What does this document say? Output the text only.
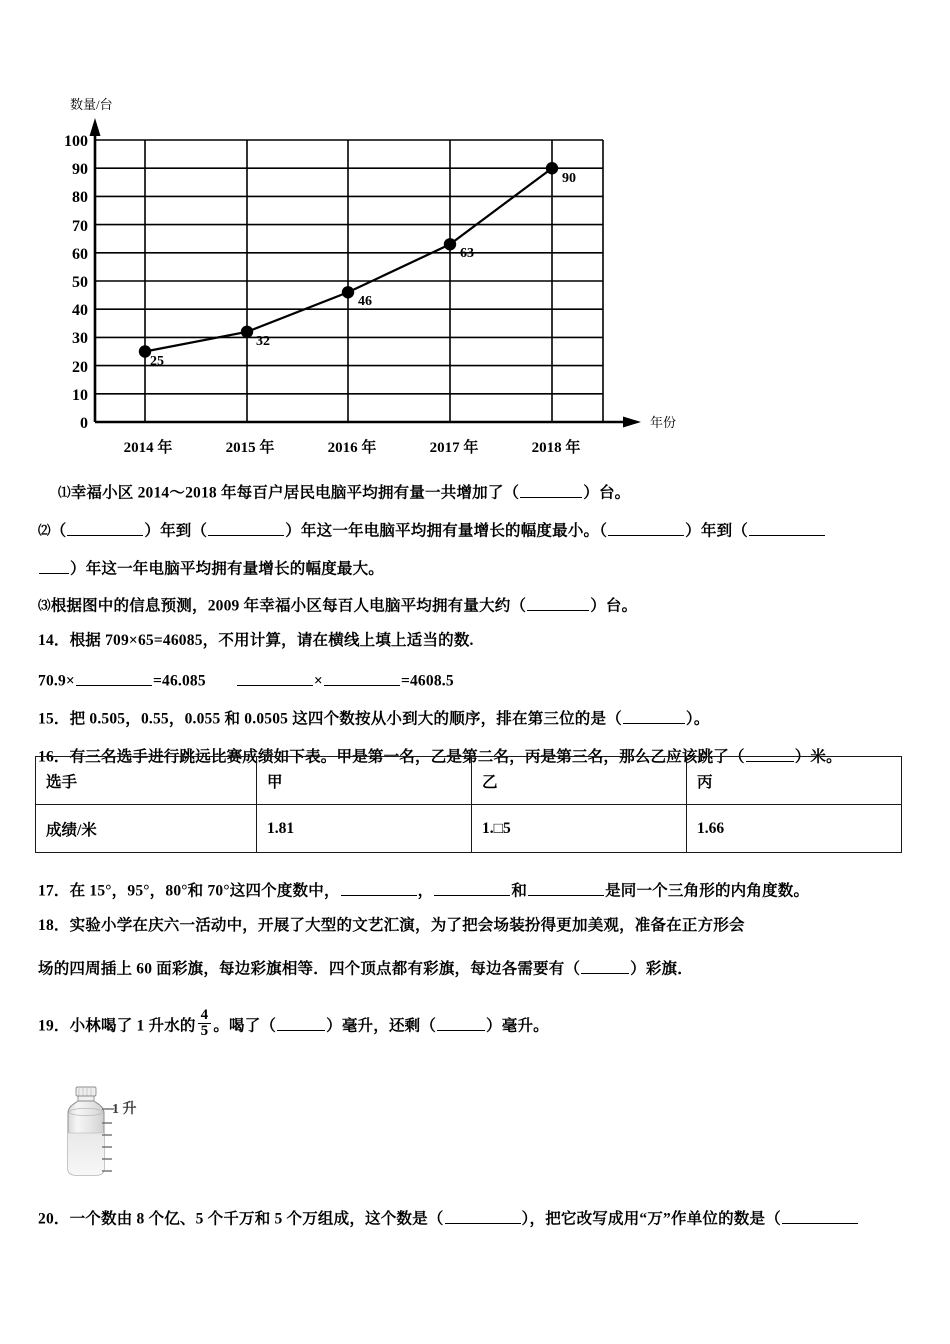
数量/台
年份
100
90
80
70
60
50
40
30
20
10
0
25
32
46
63
90
2014 年	2015 年	2016 年	2017 年	2018 年
⑴幸福小区 2014～2018 年每百户居民电脑平均拥有量一共增加了（	）台。
⑵（	）年到（	）年这一年电脑平均拥有量增长的幅度最小。（	）年到（
）年这一年电脑平均拥有量增长的幅度最大。
⑶根据图中的信息预测，2009 年幸福小区每百人电脑平均拥有量大约（	）台。
14．根据 709×65=46085，不用计算，请在横线上填上适当的数.
70.9×	=46.085	×	=4608.5
15．把 0.505，0.55，0.055 和 0.0505 这四个数按从小到大的顺序，排在第三位的是（	）。
16．有三名选手进行跳远比赛成绩如下表。甲是第一名，乙是第二名，丙是第三名，那么乙应该跳了（	）米。
17．在 15°，95°，80°和 70°这四个度数中，	，	和	是同一个三角形的内角度数。
18．实验小学在庆六一活动中，开展了大型的文艺汇演，为了把会场装扮得更加美观，准备在正方形会
场的四周插上 60 面彩旗，每边彩旗相等．四个顶点都有彩旗，每边各需要有（	）彩旗．
19．小林喝了 1 升水的 $\frac{4}{5}$ 。喝了（	）毫升，还剩（	）毫升。
20．一个数由 8 个亿、5 个千万和 5 个万组成，这个数是（	），把它改写成用“万”作单位的数是（
选手	甲	乙	丙
成绩/米	1.81	1.□5	1.66
1 升
